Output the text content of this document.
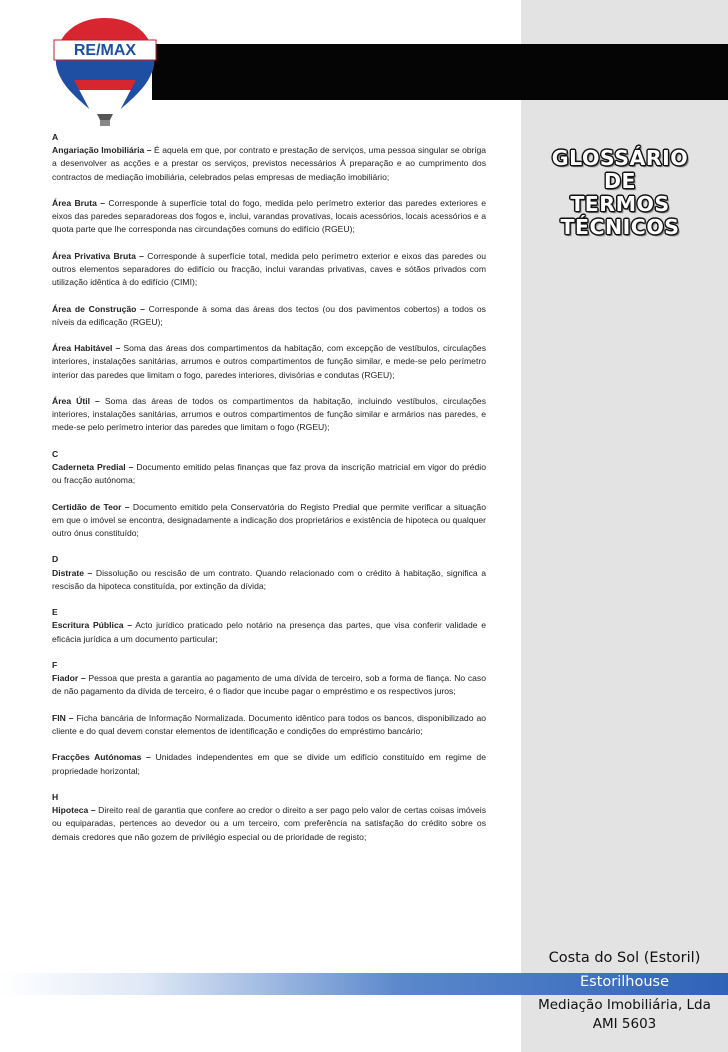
RE/MAX

A
Angariação Imobiliária – É aquela em que, por contrato e prestação de serviços, uma pessoa singular se obriga a desenvolver as acções e a prestar os serviços, previstos necessários À preparação e ao cumprimento dos contractos de mediação imobiliária, celebrados pelas empresas de mediação imobiliário;

Área Bruta – Corresponde à superfície total do fogo, medida pelo perímetro exterior das paredes exteriores e eixos das paredes separadoreas dos fogos e, inclui, varandas provativas, locais acessórios, locais acessórios e a quota parte que lhe corresponda nas circundações comuns do edifício (RGEU);

Área Privativa Bruta – Corresponde à superfície total, medida pelo perímetro exterior e eixos das paredes ou outros elementos separadores do edifício ou fracção, inclui varandas privativas, caves e sótãos privados com utilização idêntica à do edifício (CIMI);

Área de Construção – Corresponde à soma das áreas dos tectos (ou dos pavimentos cobertos) a todos os níveis da edificação (RGEU);

Área Habitável – Soma das áreas dos compartimentos da habitação, com excepção de vestíbulos, circulações interiores, instalações sanitárias, arrumos e outros compartimentos de função similar, e mede-se pelo perímetro interior das paredes que limitam o fogo, paredes interiores, divisórias e condutas (RGEU);

Área Útil – Soma das áreas de todos os compartimentos da habitação, incluindo vestíbulos, circulações interiores, instalações sanitárias, arrumos e outros compartimentos de função similar e armários nas paredes, e mede-se pelo perímetro interior das paredes que limitam o fogo (RGEU);

C
Caderneta Predial – Documento emitido pelas finanças que faz prova da inscrição matricial em vigor do prédio ou fracção autónoma;

Certidão de Teor – Documento emitido pela Conservatória do Registo Predial que permite verificar a situação em que o imóvel se encontra, designadamente a indicação dos proprietários e existência de hipoteca ou qualquer outro ónus constituído;

D
Distrate – Dissolução ou rescisão de um contrato. Quando relacionado com o crédito à habitação, significa a rescisão da hipoteca constituída, por extinção da dívida;

E
Escritura Pública – Acto jurídico praticado pelo notário na presença das partes, que visa conferir validade e eficácia jurídica a um documento particular;

F
Fiador – Pessoa que presta a garantia ao pagamento de uma dívida de terceiro, sob a forma de fiança. No caso de não pagamento da dívida de terceiro, é o fiador que incube pagar o empréstimo e os respectivos juros;

FIN – Ficha bancária de Informação Normalizada. Documento idêntico para todos os bancos, disponibilizado ao cliente e do qual devem constar elementos de identificação e condições do empréstimo bancário;

Fracções Autónomas – Unidades independentes em que se divide um edifício constituído em regime de propriedade horizontal;

H
Hipoteca – Direito real de garantia que confere ao credor o direito a ser pago pelo valor de certas coisas imóveis ou equiparadas, pertences ao devedor ou a um terceiro, com preferência na satisfação do crédito sobre os demais credores que não gozem de privilégio especial ou de prioridade de registo;

GLOSSÁRIO
DE
TERMOS
TÉCNICOS
Costa do Sol (Estoril)
Estorilhouse
Mediação Imobiliária, Lda
AMI 5603
